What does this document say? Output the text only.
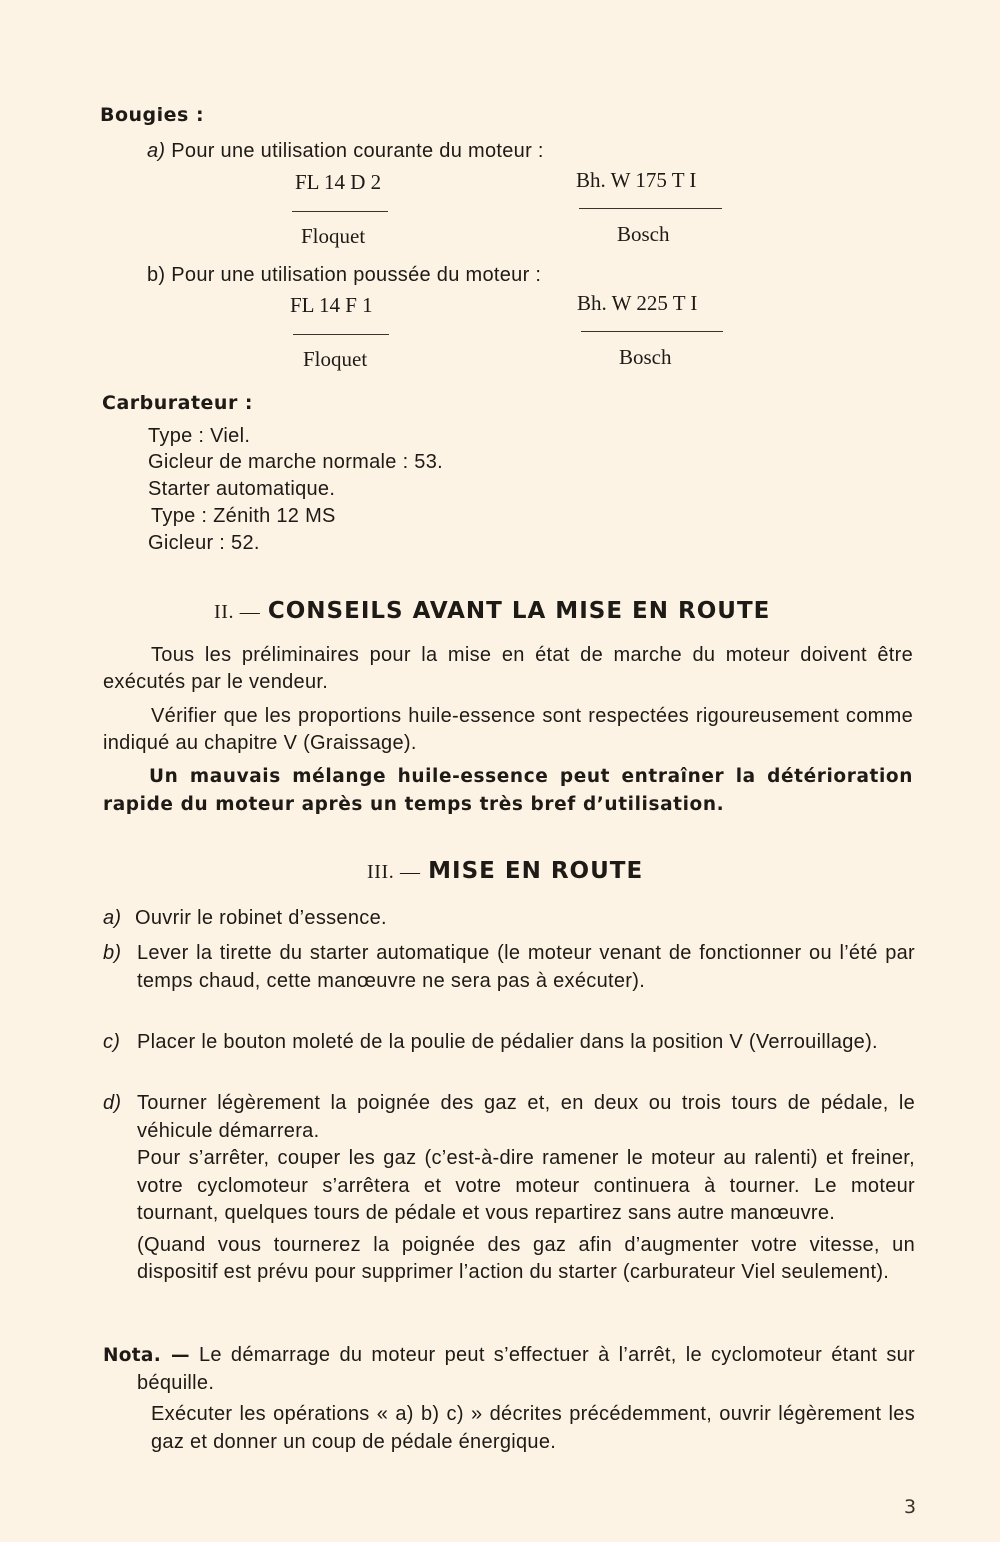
Bougies :
a) Pour une utilisation courante du moteur :
FL 14 D 2	Bh. W 175 T I
Floquet	Bosch
b) Pour une utilisation poussée du moteur :
FL 14 F 1	Bh. W 225 T I
Floquet	Bosch
Carburateur :
Type : Viel.
Gicleur de marche normale : 53.
Starter automatique.
Type : Zénith 12 MS
Gicleur : 52.
II. — CONSEILS AVANT LA MISE EN ROUTE
Tous les préliminaires pour la mise en état de marche du moteur doivent être exécutés par le vendeur.
Vérifier que les proportions huile-essence sont respectées rigoureusement comme indiqué au chapitre V (Graissage).
Un mauvais mélange huile-essence peut entraîner la détérioration rapide du moteur après un temps très bref d’utilisation.
III. — MISE EN ROUTE
a) Ouvrir le robinet d’essence.
b) Lever la tirette du starter automatique (le moteur venant de fonctionner ou l’été par temps chaud, cette manœuvre ne sera pas à exécuter).
c) Placer le bouton moleté de la poulie de pédalier dans la position V (Verrouillage).
d) Tourner légèrement la poignée des gaz et, en deux ou trois tours de pédale, le véhicule démarrera.
Pour s’arrêter, couper les gaz (c’est-à-dire ramener le moteur au ralenti) et freiner, votre cyclomoteur s’arrêtera et votre moteur continuera à tourner. Le moteur tournant, quelques tours de pédale et vous repartirez sans autre manœuvre.
(Quand vous tournerez la poignée des gaz afin d’augmenter votre vitesse, un dispositif est prévu pour supprimer l’action du starter (carburateur Viel seulement).
Nota. — Le démarrage du moteur peut s’effectuer à l’arrêt, le cyclomoteur étant sur béquille.
Exécuter les opérations « a) b) c) » décrites précédemment, ouvrir légèrement les gaz et donner un coup de pédale énergique.
3
